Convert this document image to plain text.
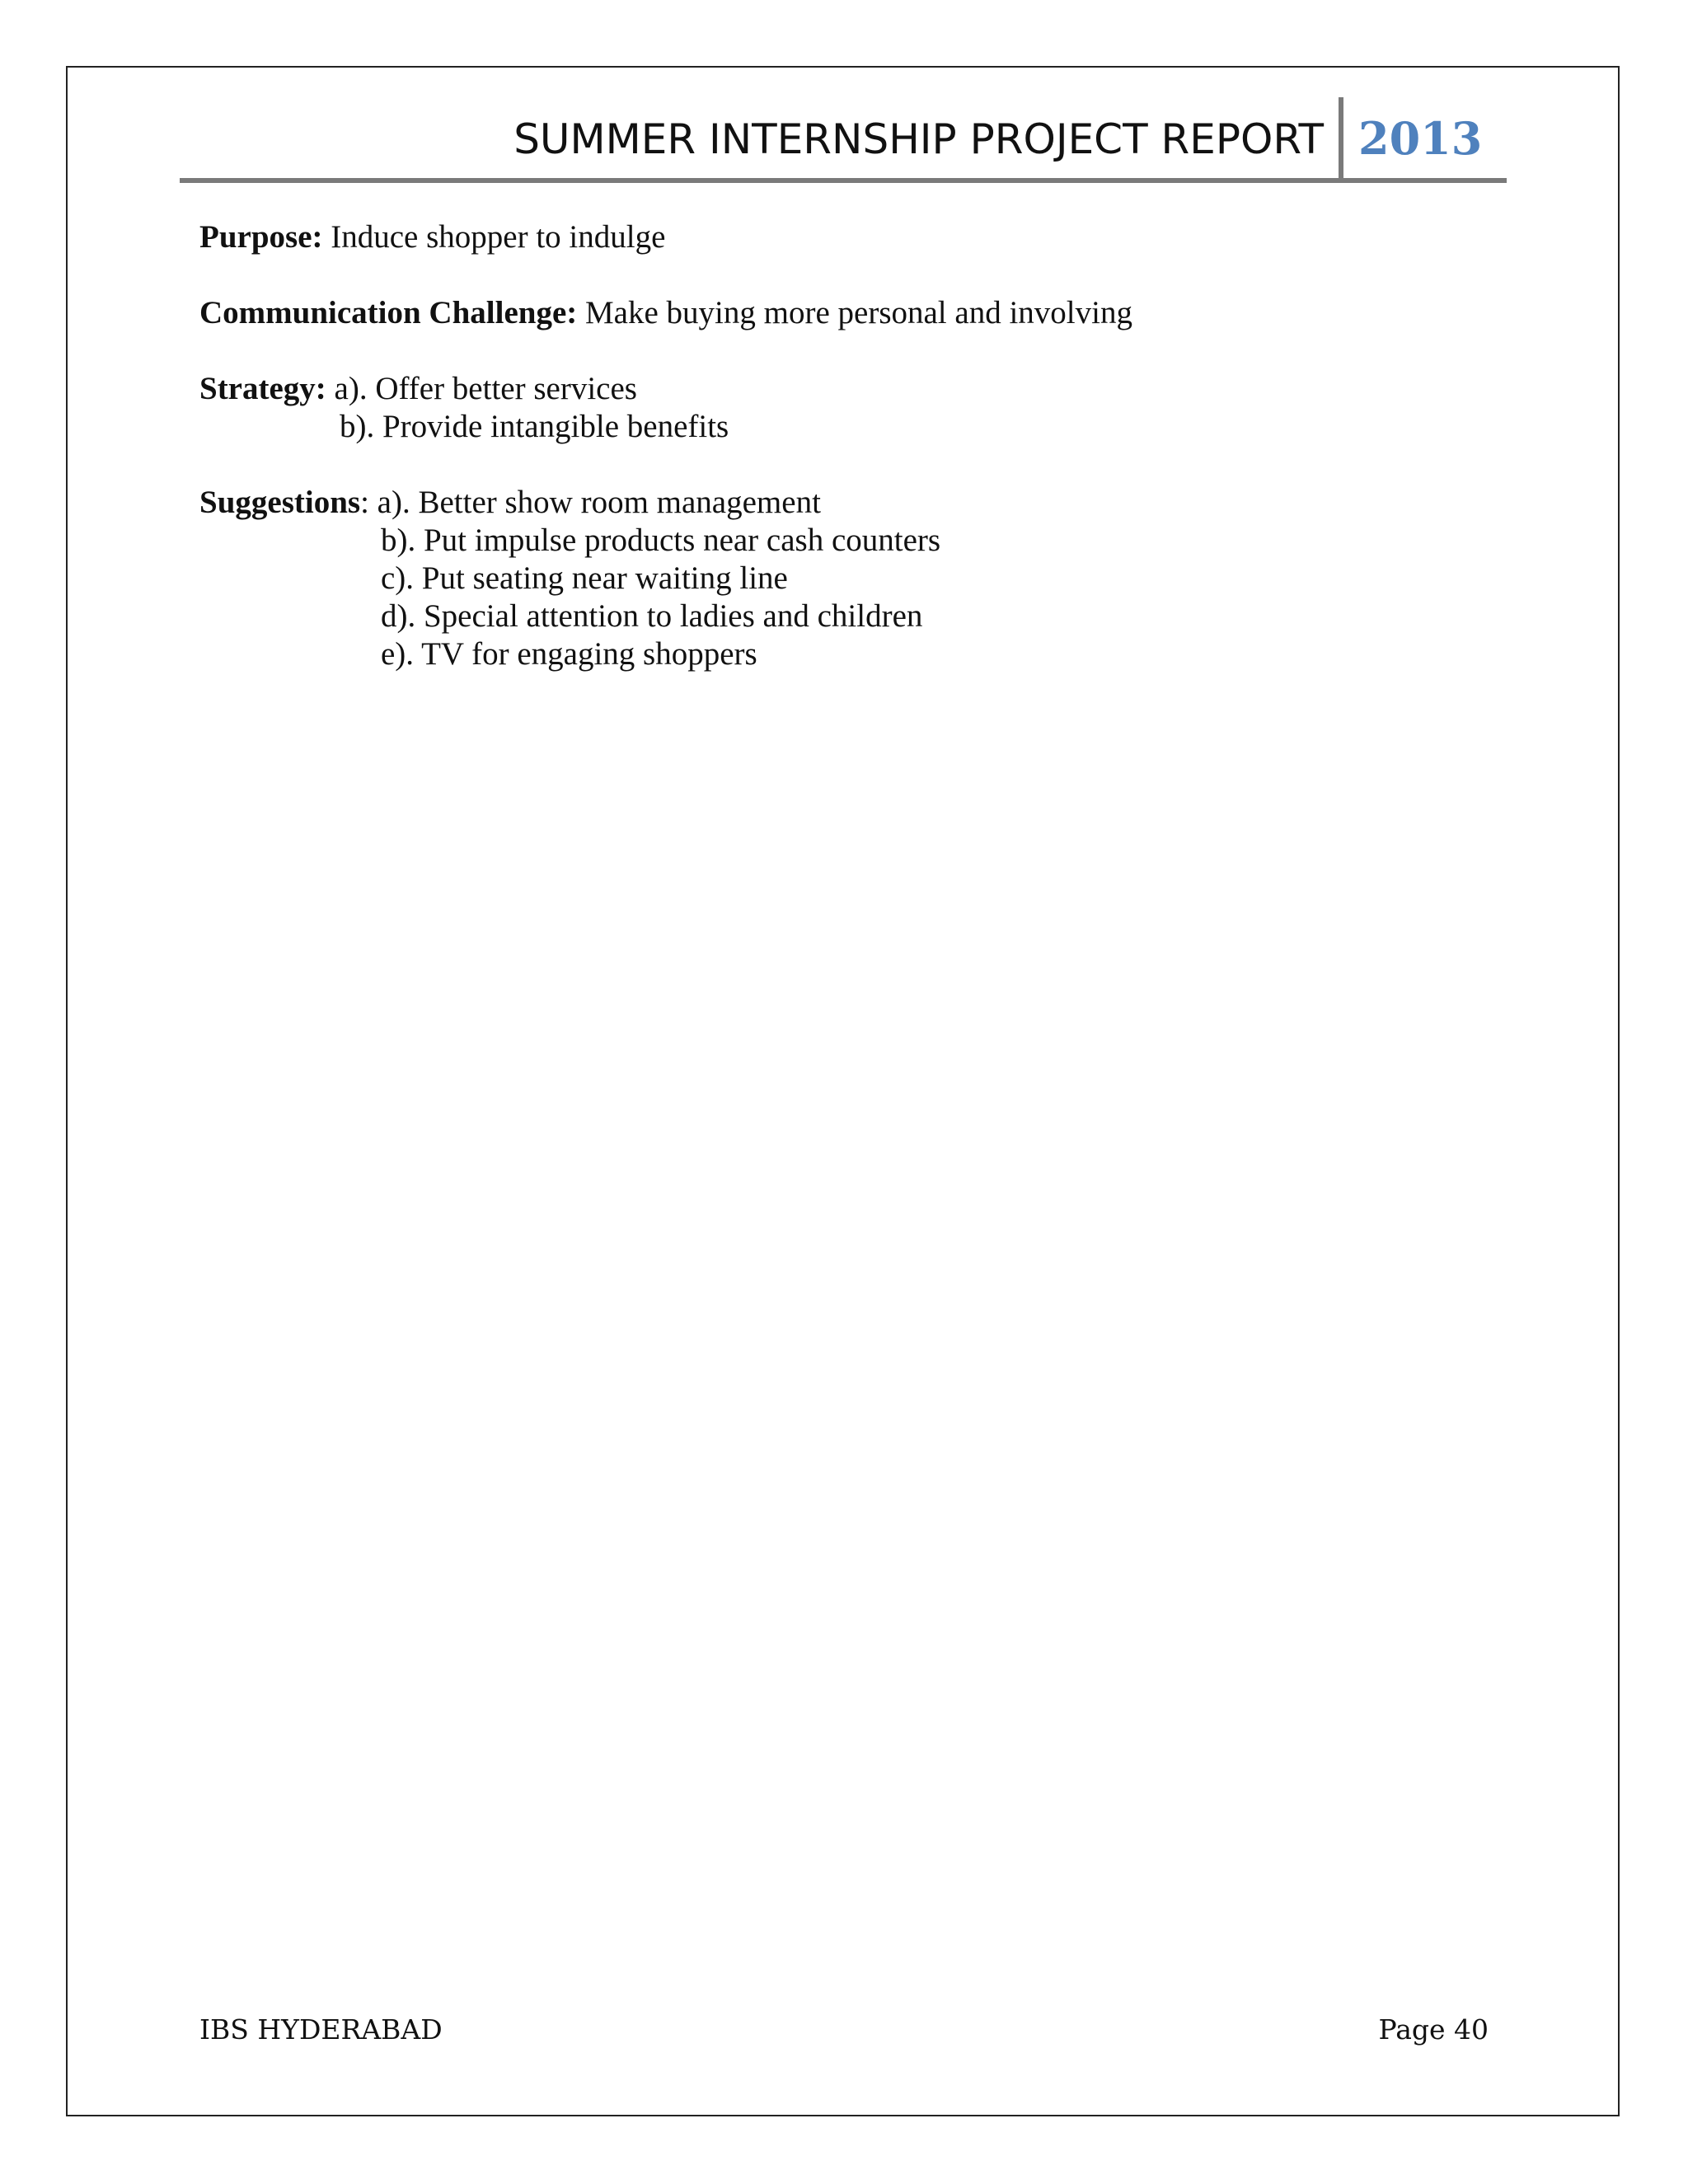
SUMMER INTERNSHIP PROJECT REPORT 2013
Purpose: Induce shopper to indulge
Communication Challenge: Make buying more personal and involving
Strategy: a). Offer better services
b). Provide intangible benefits
Suggestions: a). Better show room management
b). Put impulse products near cash counters
c). Put seating near waiting line
d). Special attention to ladies and children
e). TV for engaging shoppers
IBS HYDERABAD	Page 40
